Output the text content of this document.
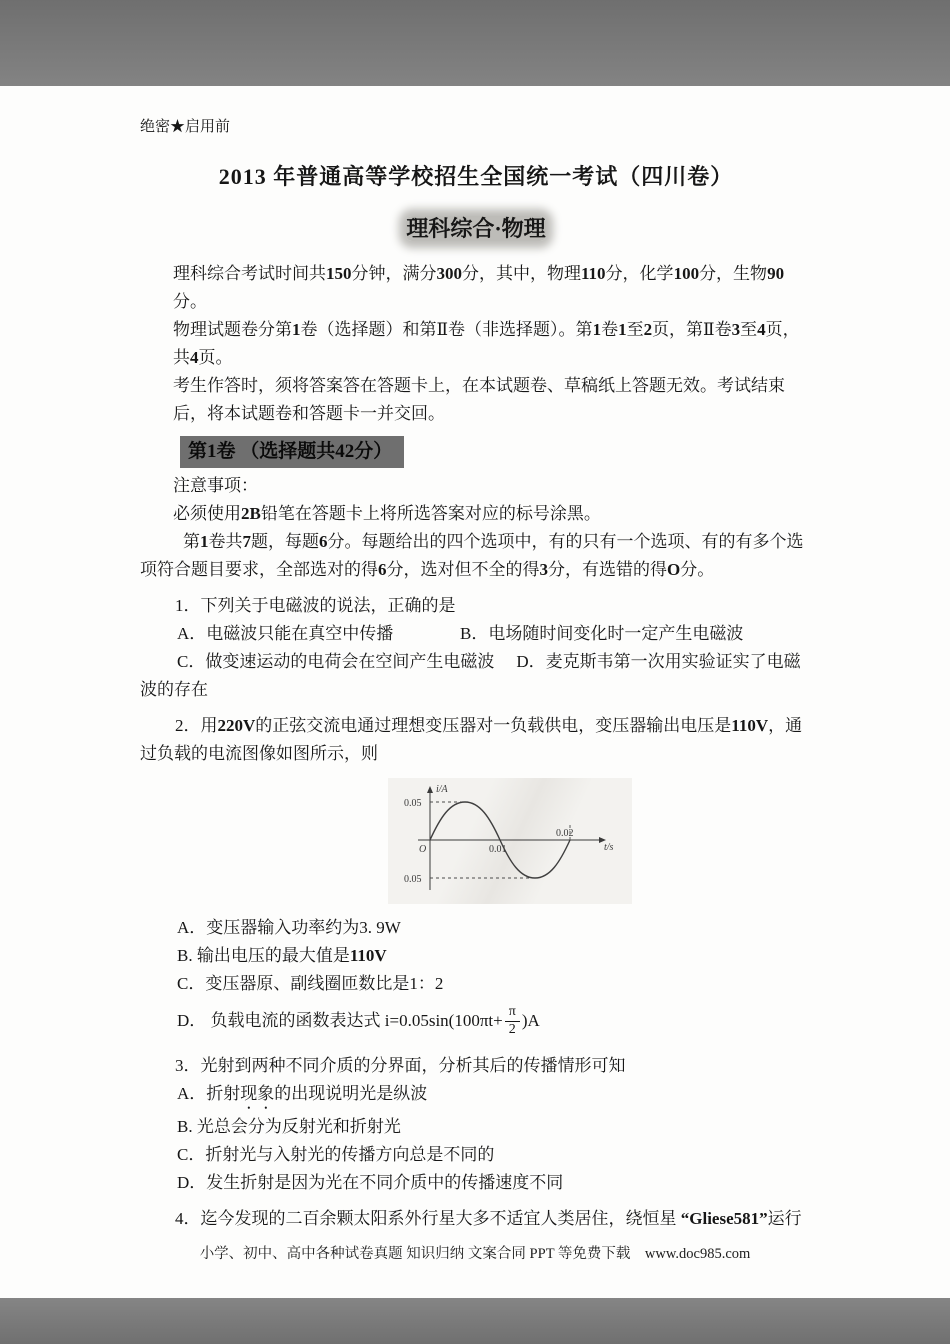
绝密★启用前
2013 年普通高等学校招生全国统一考试（四川卷）
理科综合·物理

理科综合考试时间共150分钟，满分300分，其中，物理110分，化学100分，生物90分。

物理试题卷分第1卷（选择题）和第Ⅱ卷（非选择题）。第1卷1至2页，第Ⅱ卷3至4页，共4页。

考生作答时，须将答案答在答题卡上，在本试题卷、草稿纸上答题无效。考试结束后，将本试题卷和答题卡一并交回。

第1卷 （选择题共42分）

注意事项：

必须使用2B铅笔在答题卡上将所选答案对应的标号涂黑。

第1卷共7题，每题6分。每题给出的四个选项中，有的只有一个选项、有的有多个选项符合题目要求，全部选对的得6分，选对但不全的得3分，有选错的得O分。

1．下列关于电磁波的说法，正确的是

A．电磁波只能在真空中传播	B．电场随时间变化时一定产生电磁波

C．做变速运动的电荷会在空间产生电磁波 D．麦克斯韦第一次用实验证实了电磁波的存在

2．用220V的正弦交流电通过理想变压器对一负载供电，变压器输出电压是110V，通过负载的电流图像如图所示，则

i/A
t/s
0.05
0.05
O	0.01
0.02

A．变压器输入功率约为3. 9W

B. 输出电压的最大值是110V

C．变压器原、副线圈匝数比是1：2

D． 负载电流的函数表达式 $i=0.05\sin(100\pi t+ \frac{\pi}{2} )A$

3．光射到两种不同介质的分界面，分析其后的传播情形可知

A．折射现象的出现说明光是纵波

B. 光总会分为反射光和折射光

C．折射光与入射光的传播方向总是不同的

D．发生折射是因为光在不同介质中的传播速度不同

4．迄今发现的二百余颗太阳系外行星大多不适宜人类居住，绕恒星 “Gliese581”运行

小学、初中、高中各种试卷真题 知识归纳 文案合同 PPT 等免费下载　www.doc985.com
